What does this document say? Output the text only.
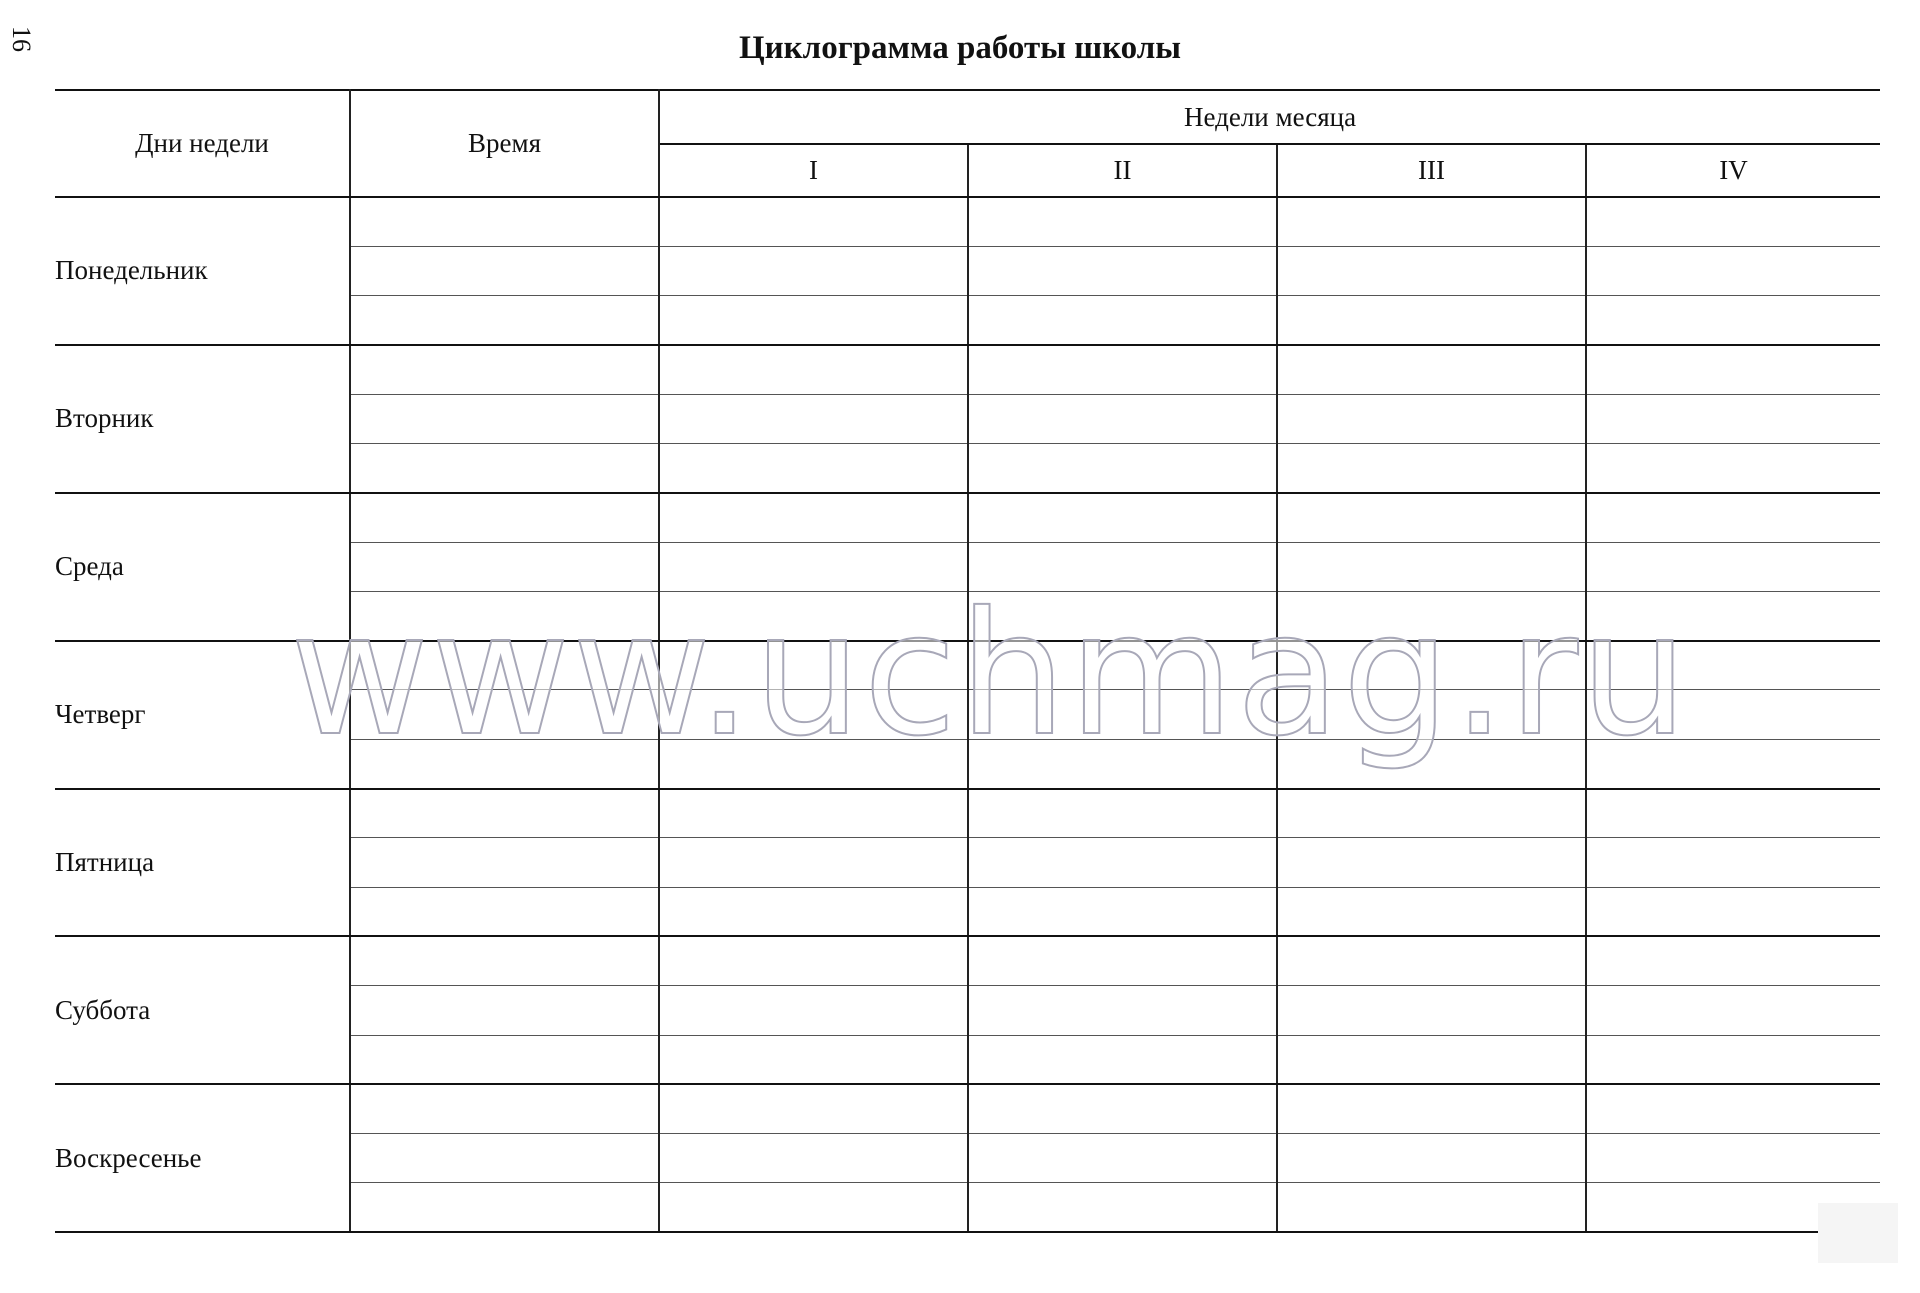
16	Циклограмма работы школы
Дни недели	Время	Недели месяца			
		I	II	III	IV
Понедельник					

Вторник					

Среда					

Четверг					

Пятница					

Суббота					

Воскресенье					

www.uchmag.ru
